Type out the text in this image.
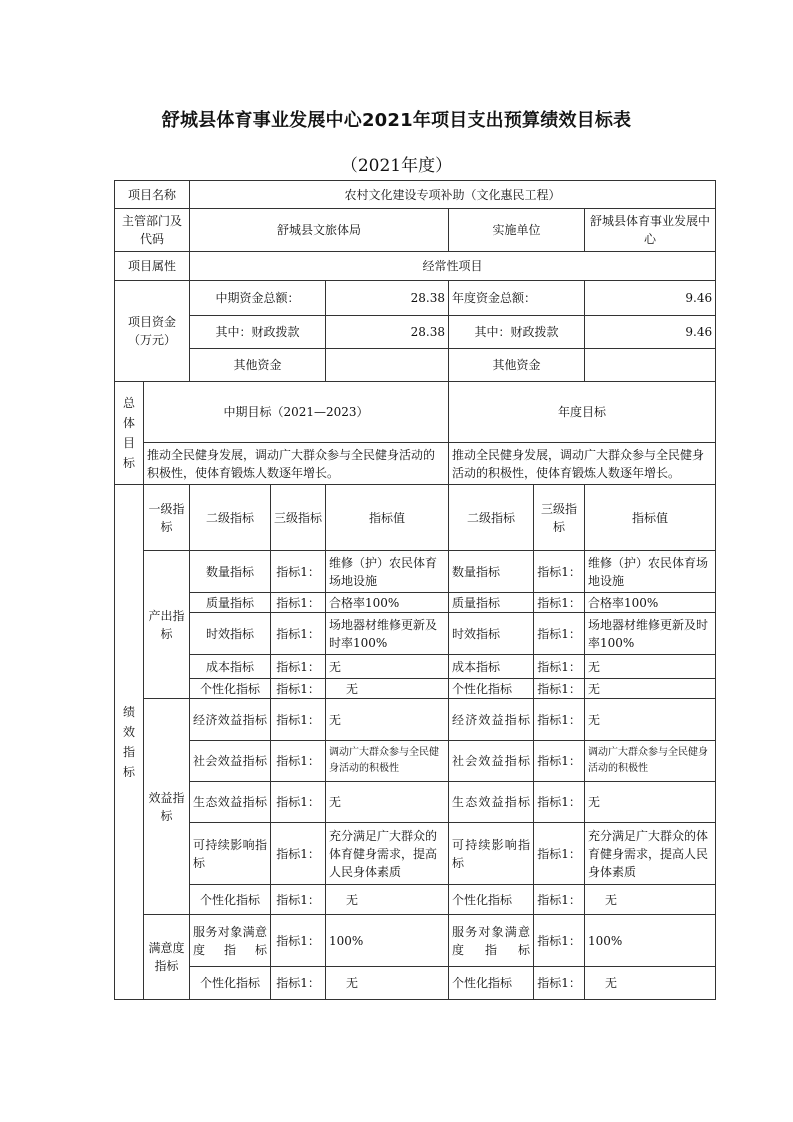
舒城县体育事业发展中心2021年项目支出预算绩效目标表
（2021年度）
项目名称		农村文化建设专项补助（文化惠民工程）					
主管部门及代码		舒城县文旅体局			实施单位		舒城县体育事业发展中心
项目属性		经常性项目					
项目资金（万元）		中期资金总额：		28.38	年度资金总额：		9.46
		其中：财政拨款		28.38	其中：财政拨款		9.46
		其他资金			其他资金		
总体目标	中期目标（2021—2023）				年度目标		
	推动全民健身发展，调动广大群众参与全民健身活动的积极性，使体育锻炼人数逐年增长。				推动全民健身发展，调动广大群众参与全民健身活动的积极性，使体育锻炼人数逐年增长。		
绩效指标	一级指标	二级指标	三级指标	指标值	二级指标	三级指标	指标值
	产出指标	数量指标	指标1：	维修（护）农民体育场地设施	数量指标	指标1：	维修（护）农民体育场地设施
		质量指标	指标1：	合格率100%	质量指标	指标1：	合格率100%
		时效指标	指标1：	场地器材维修更新及时率100%	时效指标	指标1：	场地器材维修更新及时率100%
		成本指标	指标1：	无	成本指标	指标1：	无
		个性化指标	指标1：	无	个性化指标	指标1：	无
	效益指标	经济效益指标	指标1：	无	经济效益指标	指标1：	无
		社会效益指标	指标1：	调动广大群众参与全民健身活动的积极性	社会效益指标	指标1：	调动广大群众参与全民健身活动的积极性
		生态效益指标	指标1：	无	生态效益指标	指标1：	无
		可持续影响指标	指标1：	充分满足广大群众的体育健身需求，提高人民身体素质	可持续影响指标	指标1：	充分满足广大群众的体育健身需求，提高人民身体素质
		个性化指标	指标1：	无	个性化指标	指标1：	无
	满意度指标	服务对象满意度指标	指标1：	100%	服务对象满意度指标	指标1：	100%
		个性化指标	指标1：	无	个性化指标	指标1：	无
